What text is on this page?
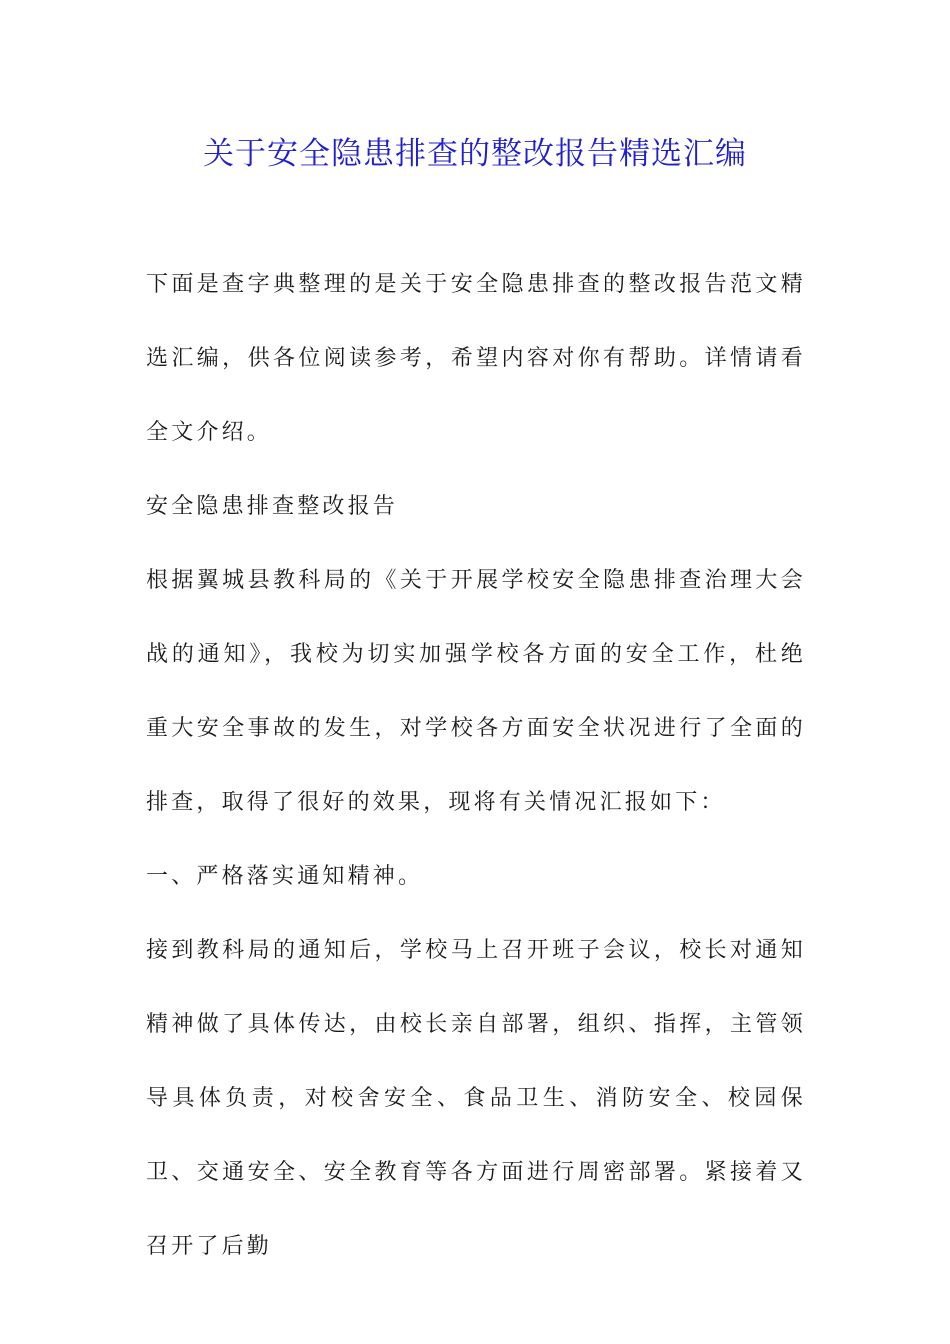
关于安全隐患排查的整改报告精选汇编

下面是查字典整理的是关于安全隐患排查的整改报告范文精选汇编，供各位阅读参考，希望内容对你有帮助。详情请看全文介绍。

安全隐患排查整改报告

根据翼城县教科局的《关于开展学校安全隐患排查治理大会战的通知》，我校为切实加强学校各方面的安全工作，杜绝重大安全事故的发生，对学校各方面安全状况进行了全面的排查，取得了很好的效果，现将有关情况汇报如下：

一、严格落实通知精神。

接到教科局的通知后，学校马上召开班子会议，校长对通知精神做了具体传达，由校长亲自部署，组织、指挥，主管领导具体负责，对校舍安全、食品卫生、消防安全、校园保卫、交通安全、安全教育等各方面进行周密部署。紧接着又召开了后勤
